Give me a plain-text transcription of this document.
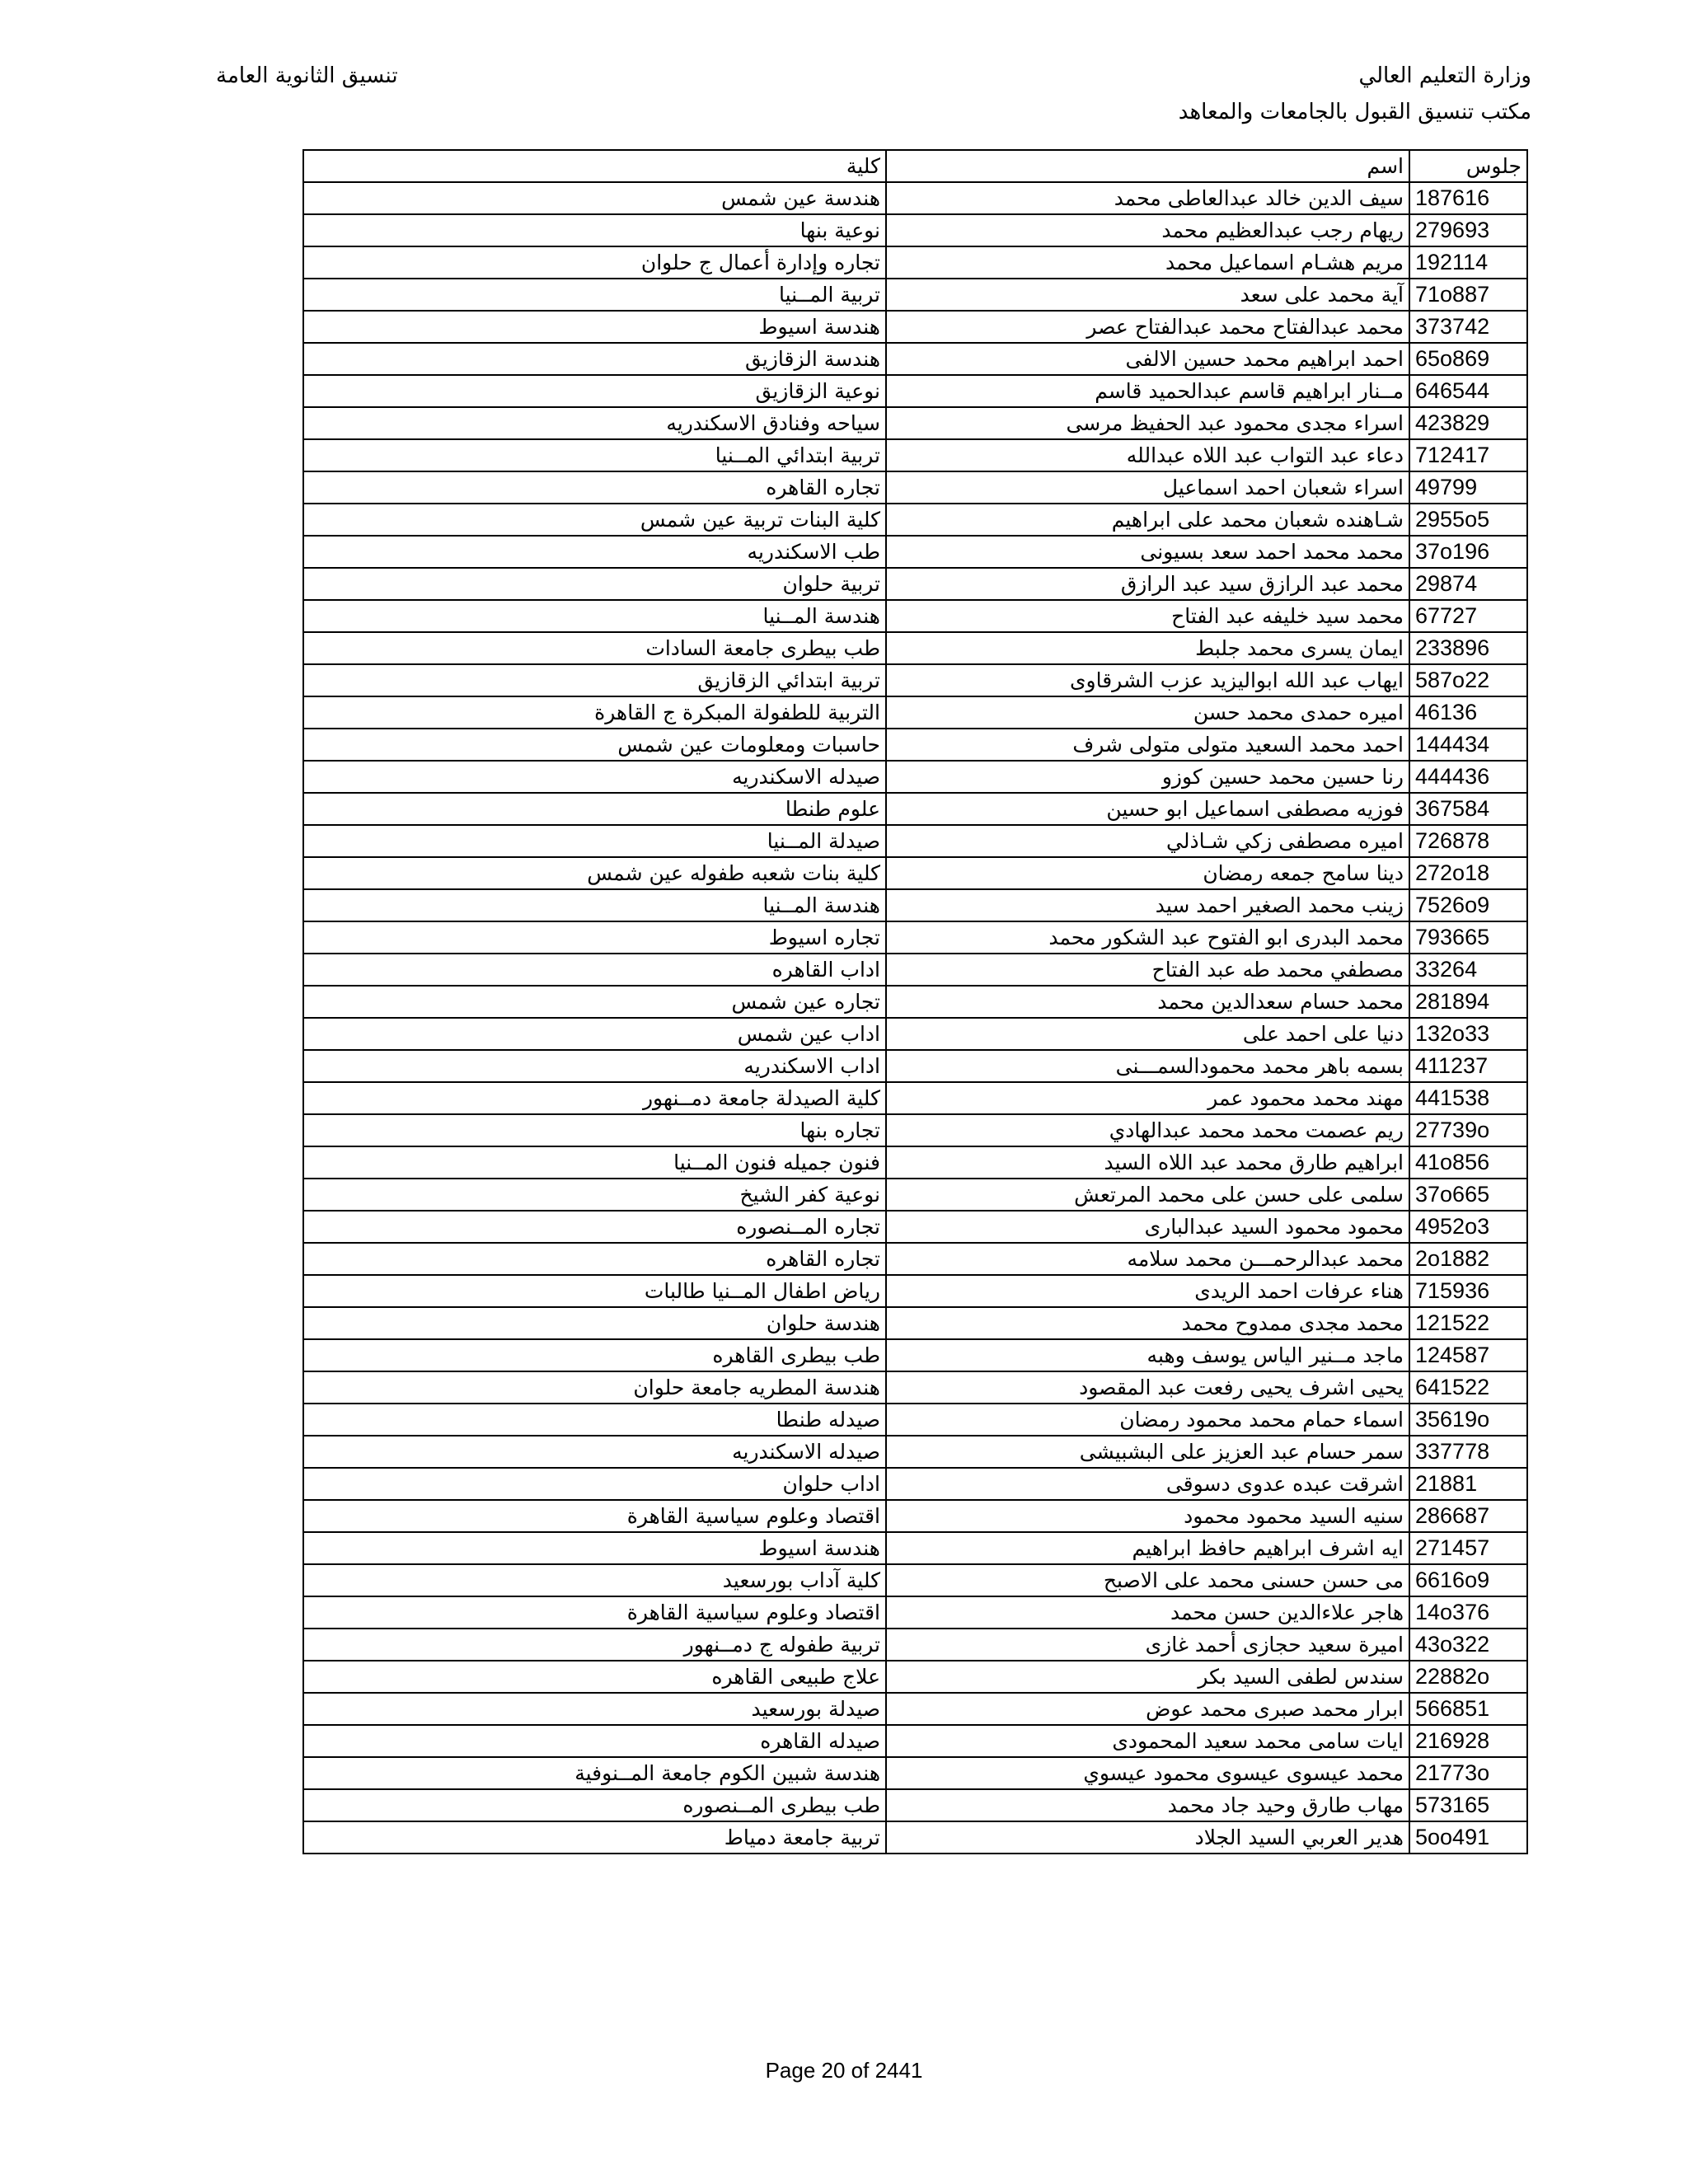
وزارة التعليم العالي
مكتب تنسيق القبول بالجامعات والمعاهد
تنسيق الثانوية العامة
جلوس	اسم	كلية
187616	سيف الدين خالد عبدالعاطى محمد	هندسة عين شمس
279693	ريهام رجب عبدالعظيم محمد	نوعية بنها
192114	مريم هشـام اسماعيل محمد	تجاره وإدارة أعمال ج حلوان
71o887	آية محمد على سعد	تربية المــنيا
373742	محمد عبدالفتاح محمد عبدالفتاح عصر	هندسة اسيوط
65o869	احمد ابراهيم محمد حسين الالفى	هندسة الزقازيق
646544	مــنار ابراهيم قاسم عبدالحميد قاسم	نوعية الزقازيق
423829	اسراء مجدى محمود عبد الحفيظ مرسى	سياحه وفنادق الاسكندريه
712417	دعاء عبد التواب عبد اللاه عبدالله	تربية ابتدائي المــنيا
49799	اسراء شعبان احمد اسماعيل	تجاره القاهره
2955o5	شـاهنده شعبان محمد على ابراهيم	كلية البنات تربية عين شمس
37o196	محمد محمد احمد سعد بسيونى	طب الاسكندريه
29874	محمد عبد الرازق سيد عبد الرازق	تربية حلوان
67727	محمد سيد خليفه عبد الفتاح	هندسة المــنيا
233896	ايمان يسرى محمد جلبط	طب بيطرى جامعة السادات
587o22	ايهاب عبد الله ابواليزيد عزب الشرقاوى	تربية ابتدائي الزقازيق
46136	اميره حمدى محمد حسن	التربية للطفولة المبكرة ج القاهرة
144434	احمد محمد السعيد متولى متولى شرف	حاسبات ومعلومات عين شمس
444436	رنا حسين محمد حسين كوزو	صيدله الاسكندريه
367584	فوزيه مصطفى اسماعيل ابو حسين	علوم طنطا
726878	اميره مصطفى زكي شـاذلي	صيدلة المــنيا
272o18	دينا سامح جمعه رمضان	كلية بنات شعبه طفوله عين شمس
7526o9	زينب محمد الصغير احمد سيد	هندسة المــنيا
793665	محمد البدرى ابو الفتوح عبد الشكور محمد	تجاره اسيوط
33264	مصطفي محمد طه عبد الفتاح	اداب القاهره
281894	محمد حسام سعدالدين محمد	تجاره عين شمس
132o33	دنيا على احمد على	اداب عين شمس
411237	بسمه باهر محمد محمودالسمـــنى	اداب الاسكندريه
441538	مهند محمد محمود عمر	كلية الصيدلة جامعة دمــنهور
27739o	ريم عصمت محمد محمد عبدالهادي	تجاره بنها
41o856	ابراهيم طارق محمد عبد اللاه السيد	فنون جميله فنون المــنيا
37o665	سلمى على حسن على محمد المرتعش	نوعية كفر الشيخ
4952o3	محمود محمود السيد عبدالبارى	تجاره المــنصوره
2o1882	محمد عبدالرحمـــن محمد سلامه	تجاره القاهره
715936	هناء عرفات احمد الريدى	رياض اطفال المــنيا طالبات
121522	محمد مجدى ممدوح محمد	هندسة حلوان
124587	ماجد مــنير الياس يوسف وهبه	طب بيطرى القاهره
641522	يحيى اشرف يحيى رفعت عبد المقصود	هندسة المطريه جامعة حلوان
35619o	اسماء حمام محمد محمود رمضان	صيدله طنطا
337778	سمر حسام عبد العزيز على البشبيشى	صيدله الاسكندريه
21881	اشرقت عبده عدوى دسوقى	اداب حلوان
286687	سنيه السيد محمود محمود	اقتصاد وعلوم سياسية القاهرة
271457	ايه اشرف ابراهيم حافظ ابراهيم	هندسة اسيوط
6616o9	مى حسن حسنى محمد على الاصبح	كلية آداب بورسعيد
14o376	هاجر علاءالدين حسن محمد	اقتصاد وعلوم سياسية القاهرة
43o322	اميرة سعيد حجازى أحمد غازى	تربية طفوله ج دمــنهور
22882o	سندس لطفى السيد بكر	علاج طبيعى القاهره
566851	ابرار محمد صبرى محمد عوض	صيدلة بورسعيد
216928	ايات سامى محمد سعيد المحمودى	صيدله القاهره
21773o	محمد عيسوى عيسوى محمود عيسوي	هندسة شبين الكوم جامعة المــنوفية
573165	مهاب طارق وحيد جاد محمد	طب بيطرى المــنصوره
5oo491	هدير العربي السيد الجلاد	تربية جامعة دمياط
Page 20 of 2441
